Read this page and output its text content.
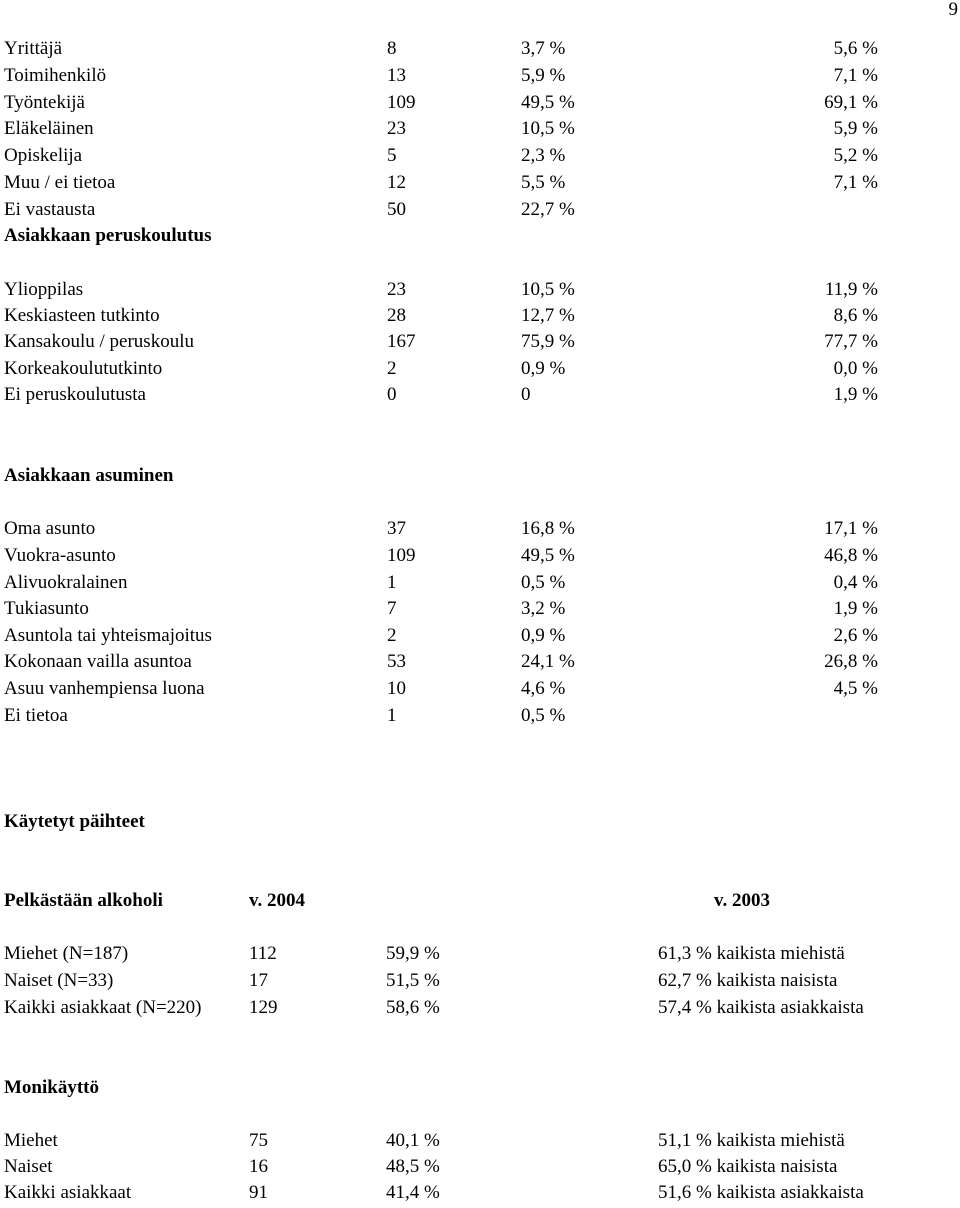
9
Yrittäjä	8	3,7 %	5,6 %
Toimihenkilö	13	5,9 %	7,1 %
Työntekijä	109	49,5 %	69,1 %
Eläkeläinen	23	10,5 %	5,9 %
Opiskelija	5	2,3 %	5,2 %
Muu / ei tietoa	12	5,5 %	7,1 %
Ei vastausta	50	22,7 %
Asiakkaan peruskoulutus
Ylioppilas	23	10,5 %	11,9 %
Keskiasteen tutkinto	28	12,7 %	8,6 %
Kansakoulu / peruskoulu	167	75,9 %	77,7 %
Korkeakoulututkinto	2	0,9 %	0,0 %
Ei peruskoulutusta	0	0	1,9 %
Asiakkaan asuminen
Oma asunto	37	16,8 %	17,1 %
Vuokra-asunto	109	49,5 %	46,8 %
Alivuokralainen	1	0,5 %	0,4 %
Tukiasunto	7	3,2 %	1,9 %
Asuntola tai yhteismajoitus	2	0,9 %	2,6 %
Kokonaan vailla asuntoa	53	24,1 %	26,8 %
Asuu vanhempiensa luona	10	4,6 %	4,5 %
Ei tietoa	1	0,5 %
Käytetyt päihteet
Pelkästään alkoholi	v. 2004	v. 2003
Miehet (N=187)	112	59,9 %	61,3 % kaikista miehistä
Naiset (N=33)	17	51,5 %	62,7 % kaikista naisista
Kaikki asiakkaat (N=220)	129	58,6 %	57,4 % kaikista asiakkaista
Monikäyttö
Miehet	75	40,1 %	51,1 % kaikista miehistä
Naiset	16	48,5 %	65,0 % kaikista naisista
Kaikki asiakkaat	91	41,4 %	51,6 % kaikista asiakkaista
